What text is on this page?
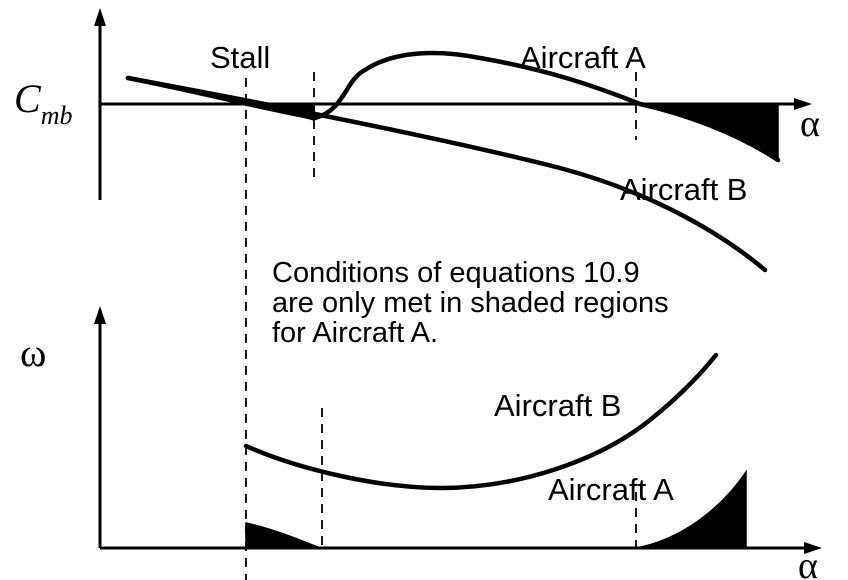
Stall	Aircraft A
Aircraft B
Cmb	α
Conditions of equations 10.9
are only met in shaded regions
for Aircraft A.
ω
Aircraft B
Aircraft A
α
